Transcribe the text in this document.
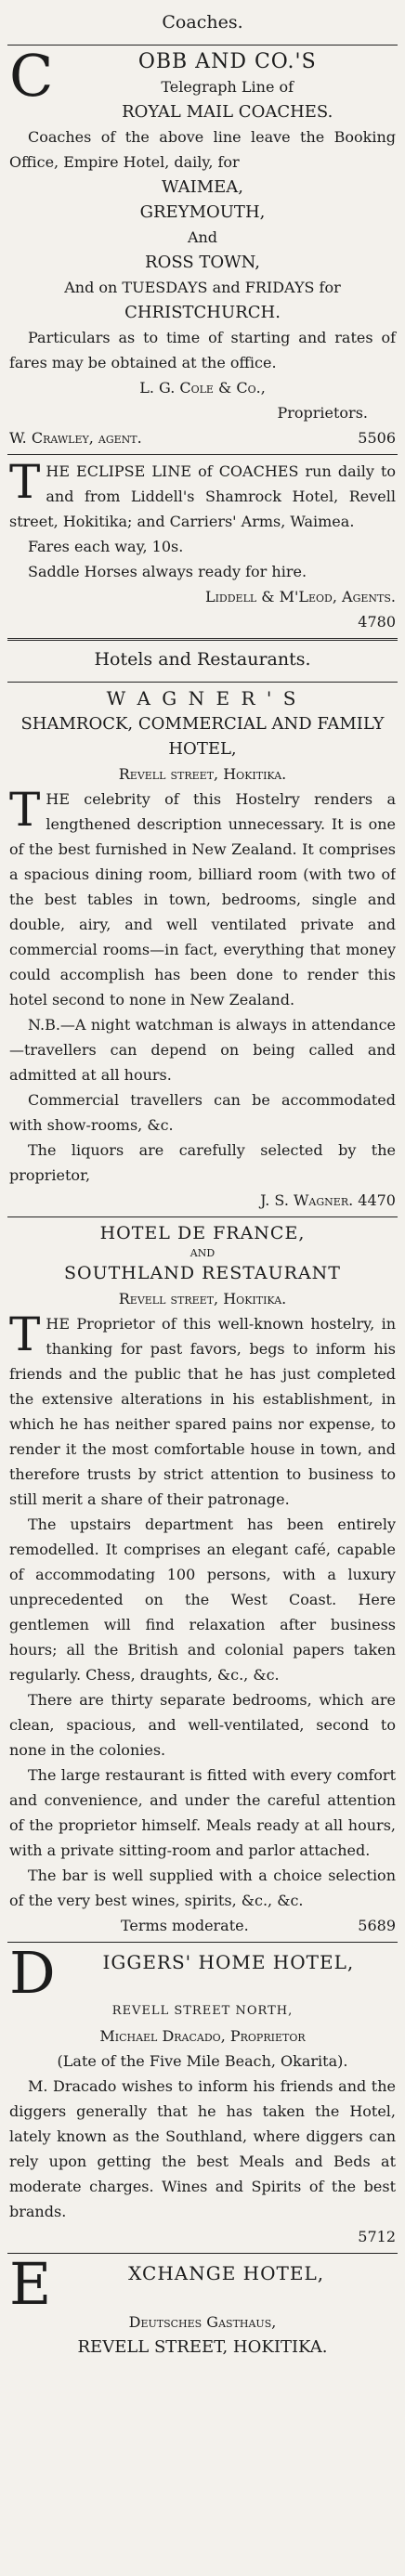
Coaches.
C	OBB AND CO.'S
Telegraph Line of
ROYAL MAIL COACHES.

Coaches of the above line leave the Booking Office, Empire Hotel, daily, for

WAIMEA,
GREYMOUTH,
And
ROSS TOWN,
And on TUESDAYS and FRIDAYS for
CHRISTCHURCH.

Particulars as to time of starting and rates of fares may be obtained at the office.

L. G. Cole & Co.,
Proprietors.
W. Crawley, agent.	5506
T HE ECLIPSE LINE of COACHES run daily to and from Liddell's Shamrock Hotel, Revell street, Hokitika; and Carriers' Arms, Waimea.

Fares each way, 10s.

Saddle Horses always ready for hire.

Liddell & M'Leod, Agents.
4780
Hotels and Restaurants.
W A G N E R ' S
SHAMROCK, COMMERCIAL AND FAMILY HOTEL,
Revell street, Hokitika.
T HE celebrity of this Hostelry renders a lengthened description unnecessary. It is one of the best furnished in New Zealand. It comprises a spacious dining room, billiard room (with two of the best tables in town, bedrooms, single and double, airy, and well ventilated private and commercial rooms—in fact, everything that money could accomplish has been done to render this hotel second to none in New Zealand.

N.B.—A night watchman is always in attendance—travellers can depend on being called and admitted at all hours.

Commercial travellers can be accommodated with show-rooms, &c.

The liquors are carefully selected by the proprietor,

J. S. Wagner. 4470
HOTEL DE FRANCE,
AND
SOUTHLAND RESTAURANT
Revell street, Hokitika.
T HE Proprietor of this well-known hostelry, in thanking for past favors, begs to inform his friends and the public that he has just completed the extensive alterations in his establishment, in which he has neither spared pains nor expense, to render it the most comfortable house in town, and therefore trusts by strict attention to business to still merit a share of their patronage.

The upstairs department has been entirely remodelled. It comprises an elegant café, capable of accommodating 100 persons, with a luxury unprecedented on the West Coast. Here gentlemen will find relaxation after business hours; all the British and colonial papers taken regularly. Chess, draughts, &c., &c.

There are thirty separate bedrooms, which are clean, spacious, and well-ventilated, second to none in the colonies.

The large restaurant is fitted with every comfort and convenience, and under the careful attention of the proprietor himself. Meals ready at all hours, with a private sitting-room and parlor attached.

The bar is well supplied with a choice selection of the very best wines, spirits, &c., &c.

Terms moderate.	5689
D	IGGERS' HOME HOTEL,
REVELL STREET NORTH,
Michael Dracado, Proprietor
(Late of the Five Mile Beach, Okarita).

M. Dracado wishes to inform his friends and the diggers generally that he has taken the Hotel, lately known as the Southland, where diggers can rely upon getting the best Meals and Beds at moderate charges. Wines and Spirits of the best brands.

5712
E	XCHANGE HOTEL,
Deutsches Gasthaus,
REVELL STREET, HOKITIKA.
